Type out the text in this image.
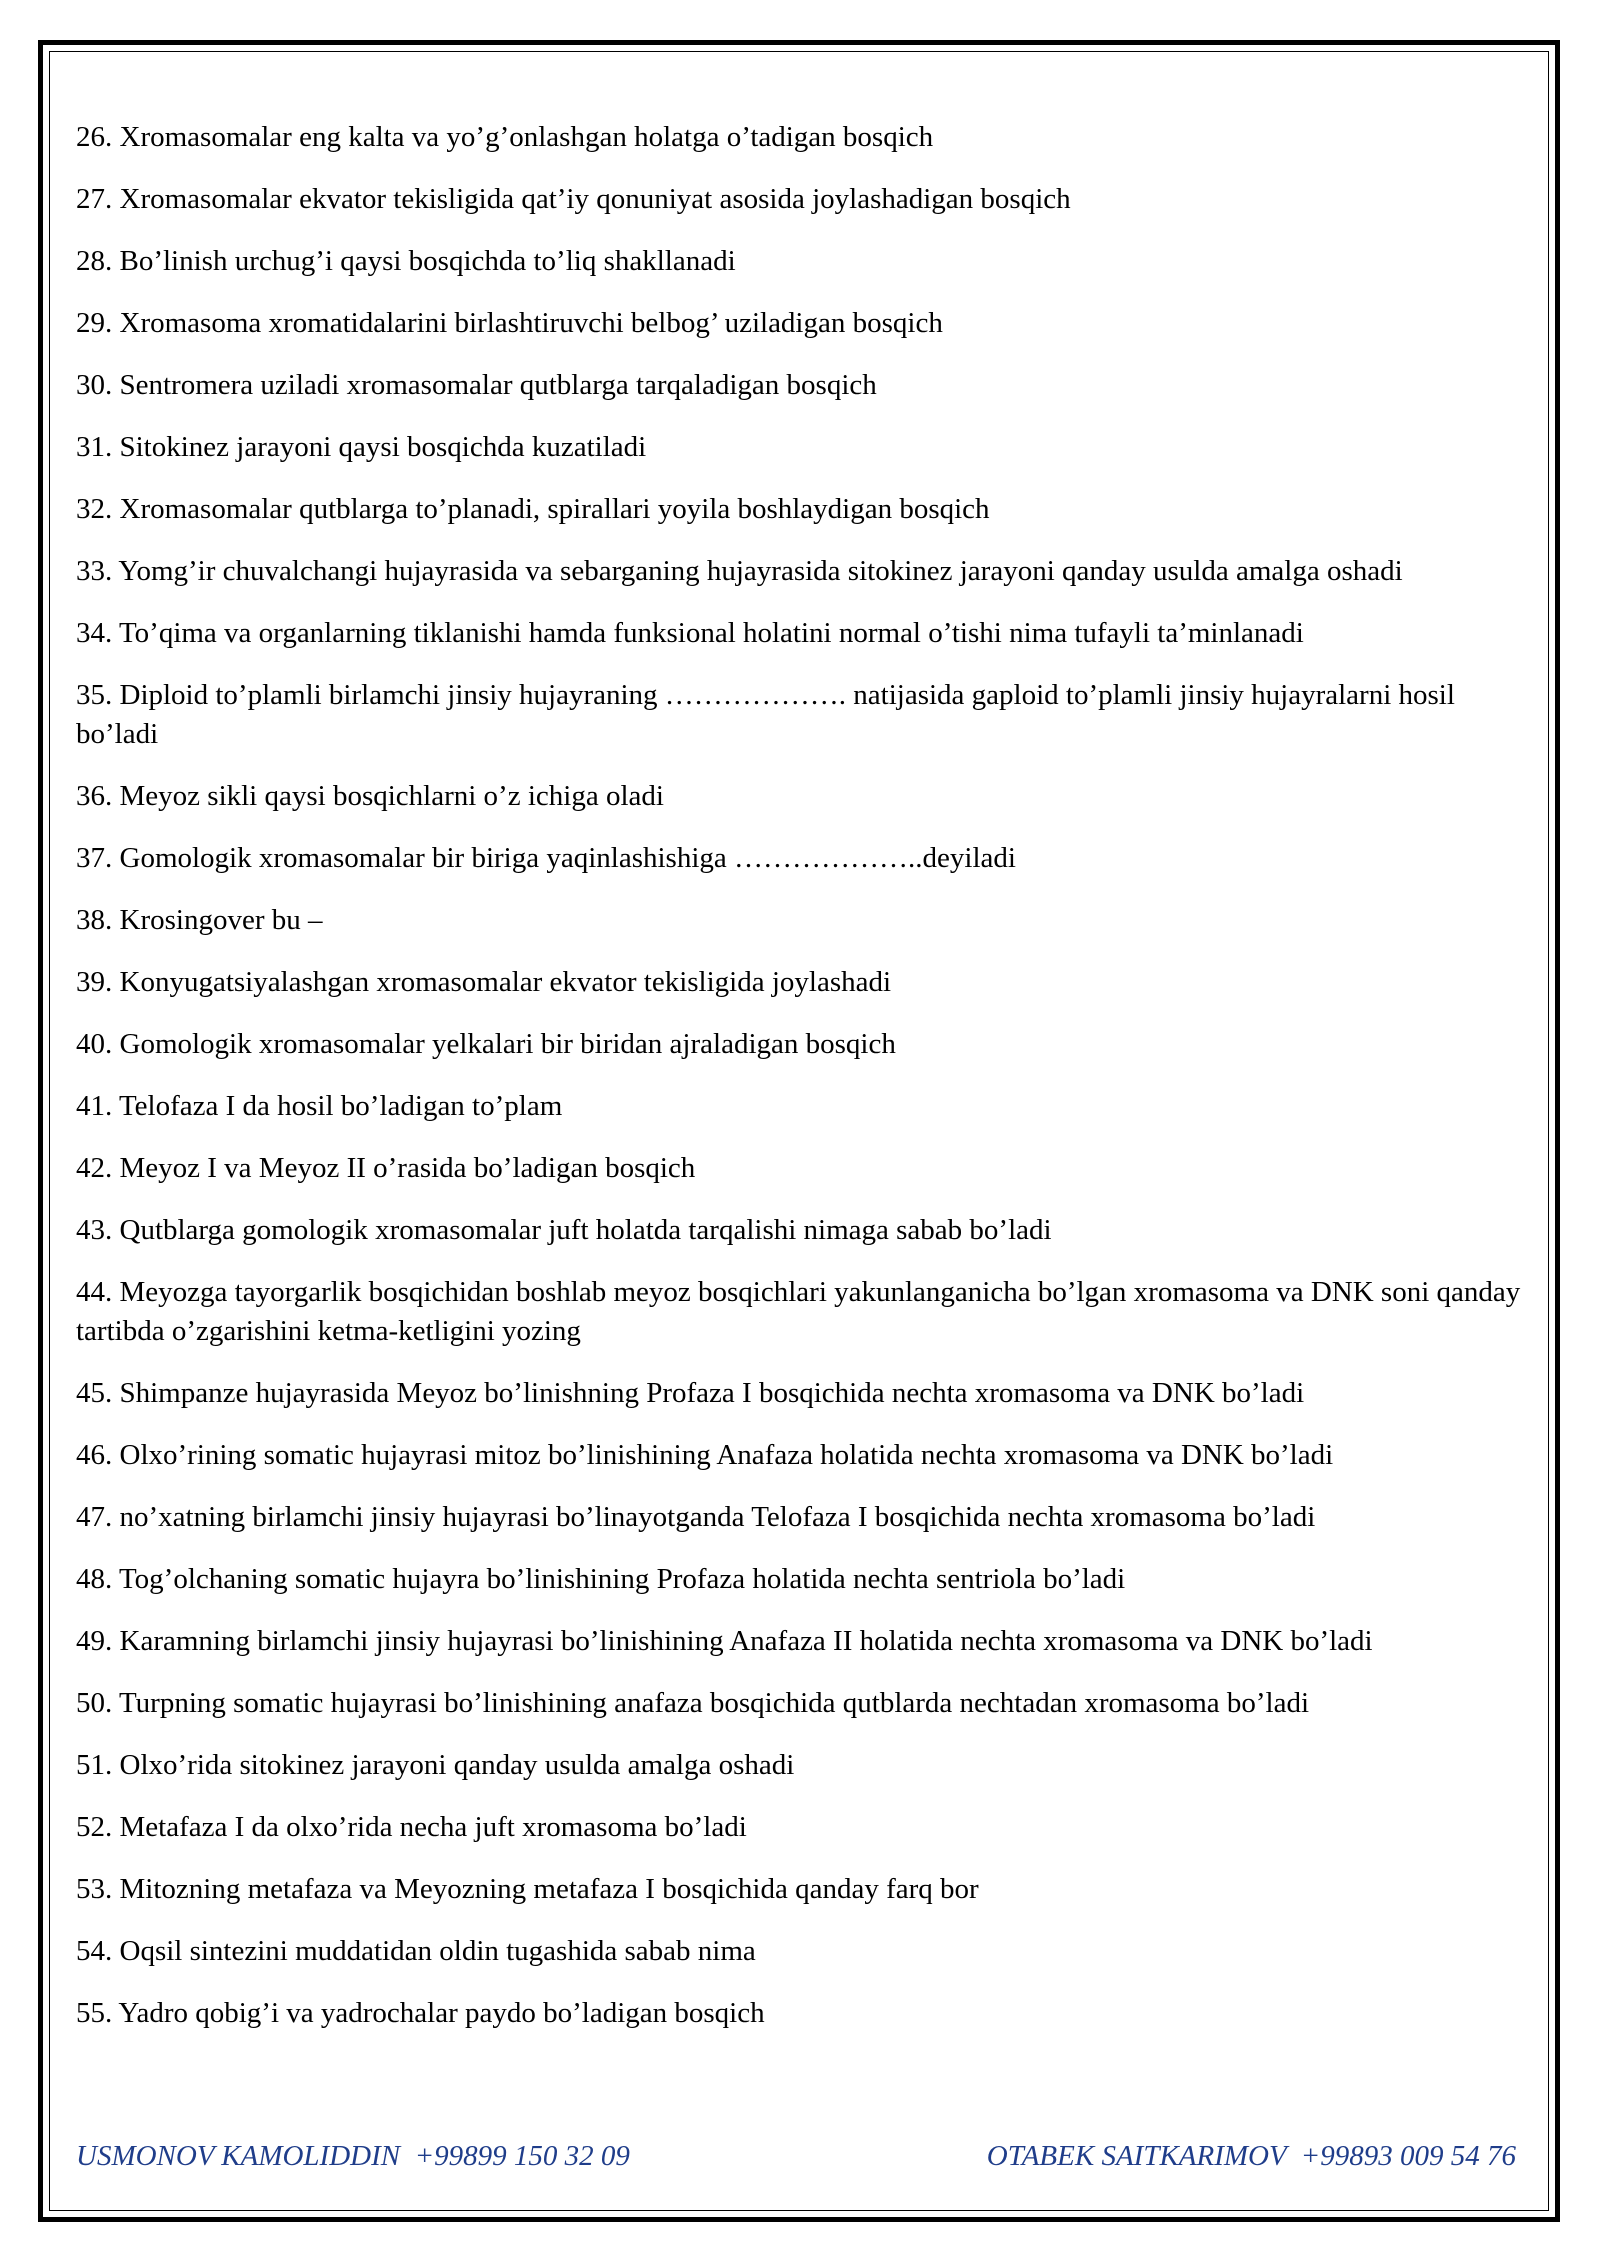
26. Xromasomalar eng kalta va yo’g’onlashgan holatga o’tadigan bosqich

27. Xromasomalar ekvator tekisligida qat’iy qonuniyat asosida joylashadigan bosqich

28. Bo’linish urchug’i qaysi bosqichda to’liq shakllanadi

29. Xromasoma xromatidalarini birlashtiruvchi belbog’ uziladigan bosqich

30. Sentromera uziladi xromasomalar qutblarga tarqaladigan bosqich

31. Sitokinez jarayoni qaysi bosqichda kuzatiladi

32. Xromasomalar qutblarga to’planadi, spirallari yoyila boshlaydigan bosqich

33. Yomg’ir chuvalchangi hujayrasida va sebarganing hujayrasida sitokinez jarayoni qanday usulda amalga oshadi

34. To’qima va organlarning tiklanishi hamda funksional holatini normal o’tishi nima tufayli ta’minlanadi

35. Diploid to’plamli birlamchi jinsiy hujayraning ………………. natijasida gaploid to’plamli jinsiy hujayralarni hosil bo’ladi

36. Meyoz sikli qaysi bosqichlarni o’z ichiga oladi

37. Gomologik xromasomalar bir biriga yaqinlashishiga ………………..deyiladi

38. Krosingover bu –

39. Konyugatsiyalashgan xromasomalar ekvator tekisligida joylashadi

40. Gomologik xromasomalar yelkalari bir biridan ajraladigan bosqich

41. Telofaza I da hosil bo’ladigan to’plam

42. Meyoz I va Meyoz II o’rasida bo’ladigan bosqich

43. Qutblarga gomologik xromasomalar juft holatda tarqalishi nimaga sabab bo’ladi

44. Meyozga tayorgarlik bosqichidan boshlab meyoz bosqichlari yakunlanganicha bo’lgan xromasoma va DNK soni qanday tartibda o’zgarishini ketma-ketligini yozing

45. Shimpanze hujayrasida Meyoz bo’linishning Profaza I bosqichida nechta xromasoma va DNK bo’ladi

46. Olxo’rining somatic hujayrasi mitoz bo’linishining Anafaza holatida nechta xromasoma va DNK bo’ladi

47. no’xatning birlamchi jinsiy hujayrasi bo’linayotganda Telofaza I bosqichida nechta xromasoma bo’ladi

48. Tog’olchaning somatic hujayra bo’linishining Profaza holatida nechta sentriola bo’ladi

49. Karamning birlamchi jinsiy hujayrasi bo’linishining Anafaza II holatida nechta xromasoma va DNK bo’ladi

50. Turpning somatic hujayrasi bo’linishining anafaza bosqichida qutblarda nechtadan xromasoma bo’ladi

51. Olxo’rida sitokinez jarayoni qanday usulda amalga oshadi

52. Metafaza I da olxo’rida necha juft xromasoma bo’ladi

53. Mitozning metafaza va Meyozning metafaza I bosqichida qanday farq bor

54. Oqsil sintezini muddatidan oldin tugashida sabab nima

55. Yadro qobig’i va yadrochalar paydo bo’ladigan bosqich

USMONOV KAMOLIDDIN  +99899 150 32 09	OTABEK SAITKARIMOV  +99893 009 54 76
